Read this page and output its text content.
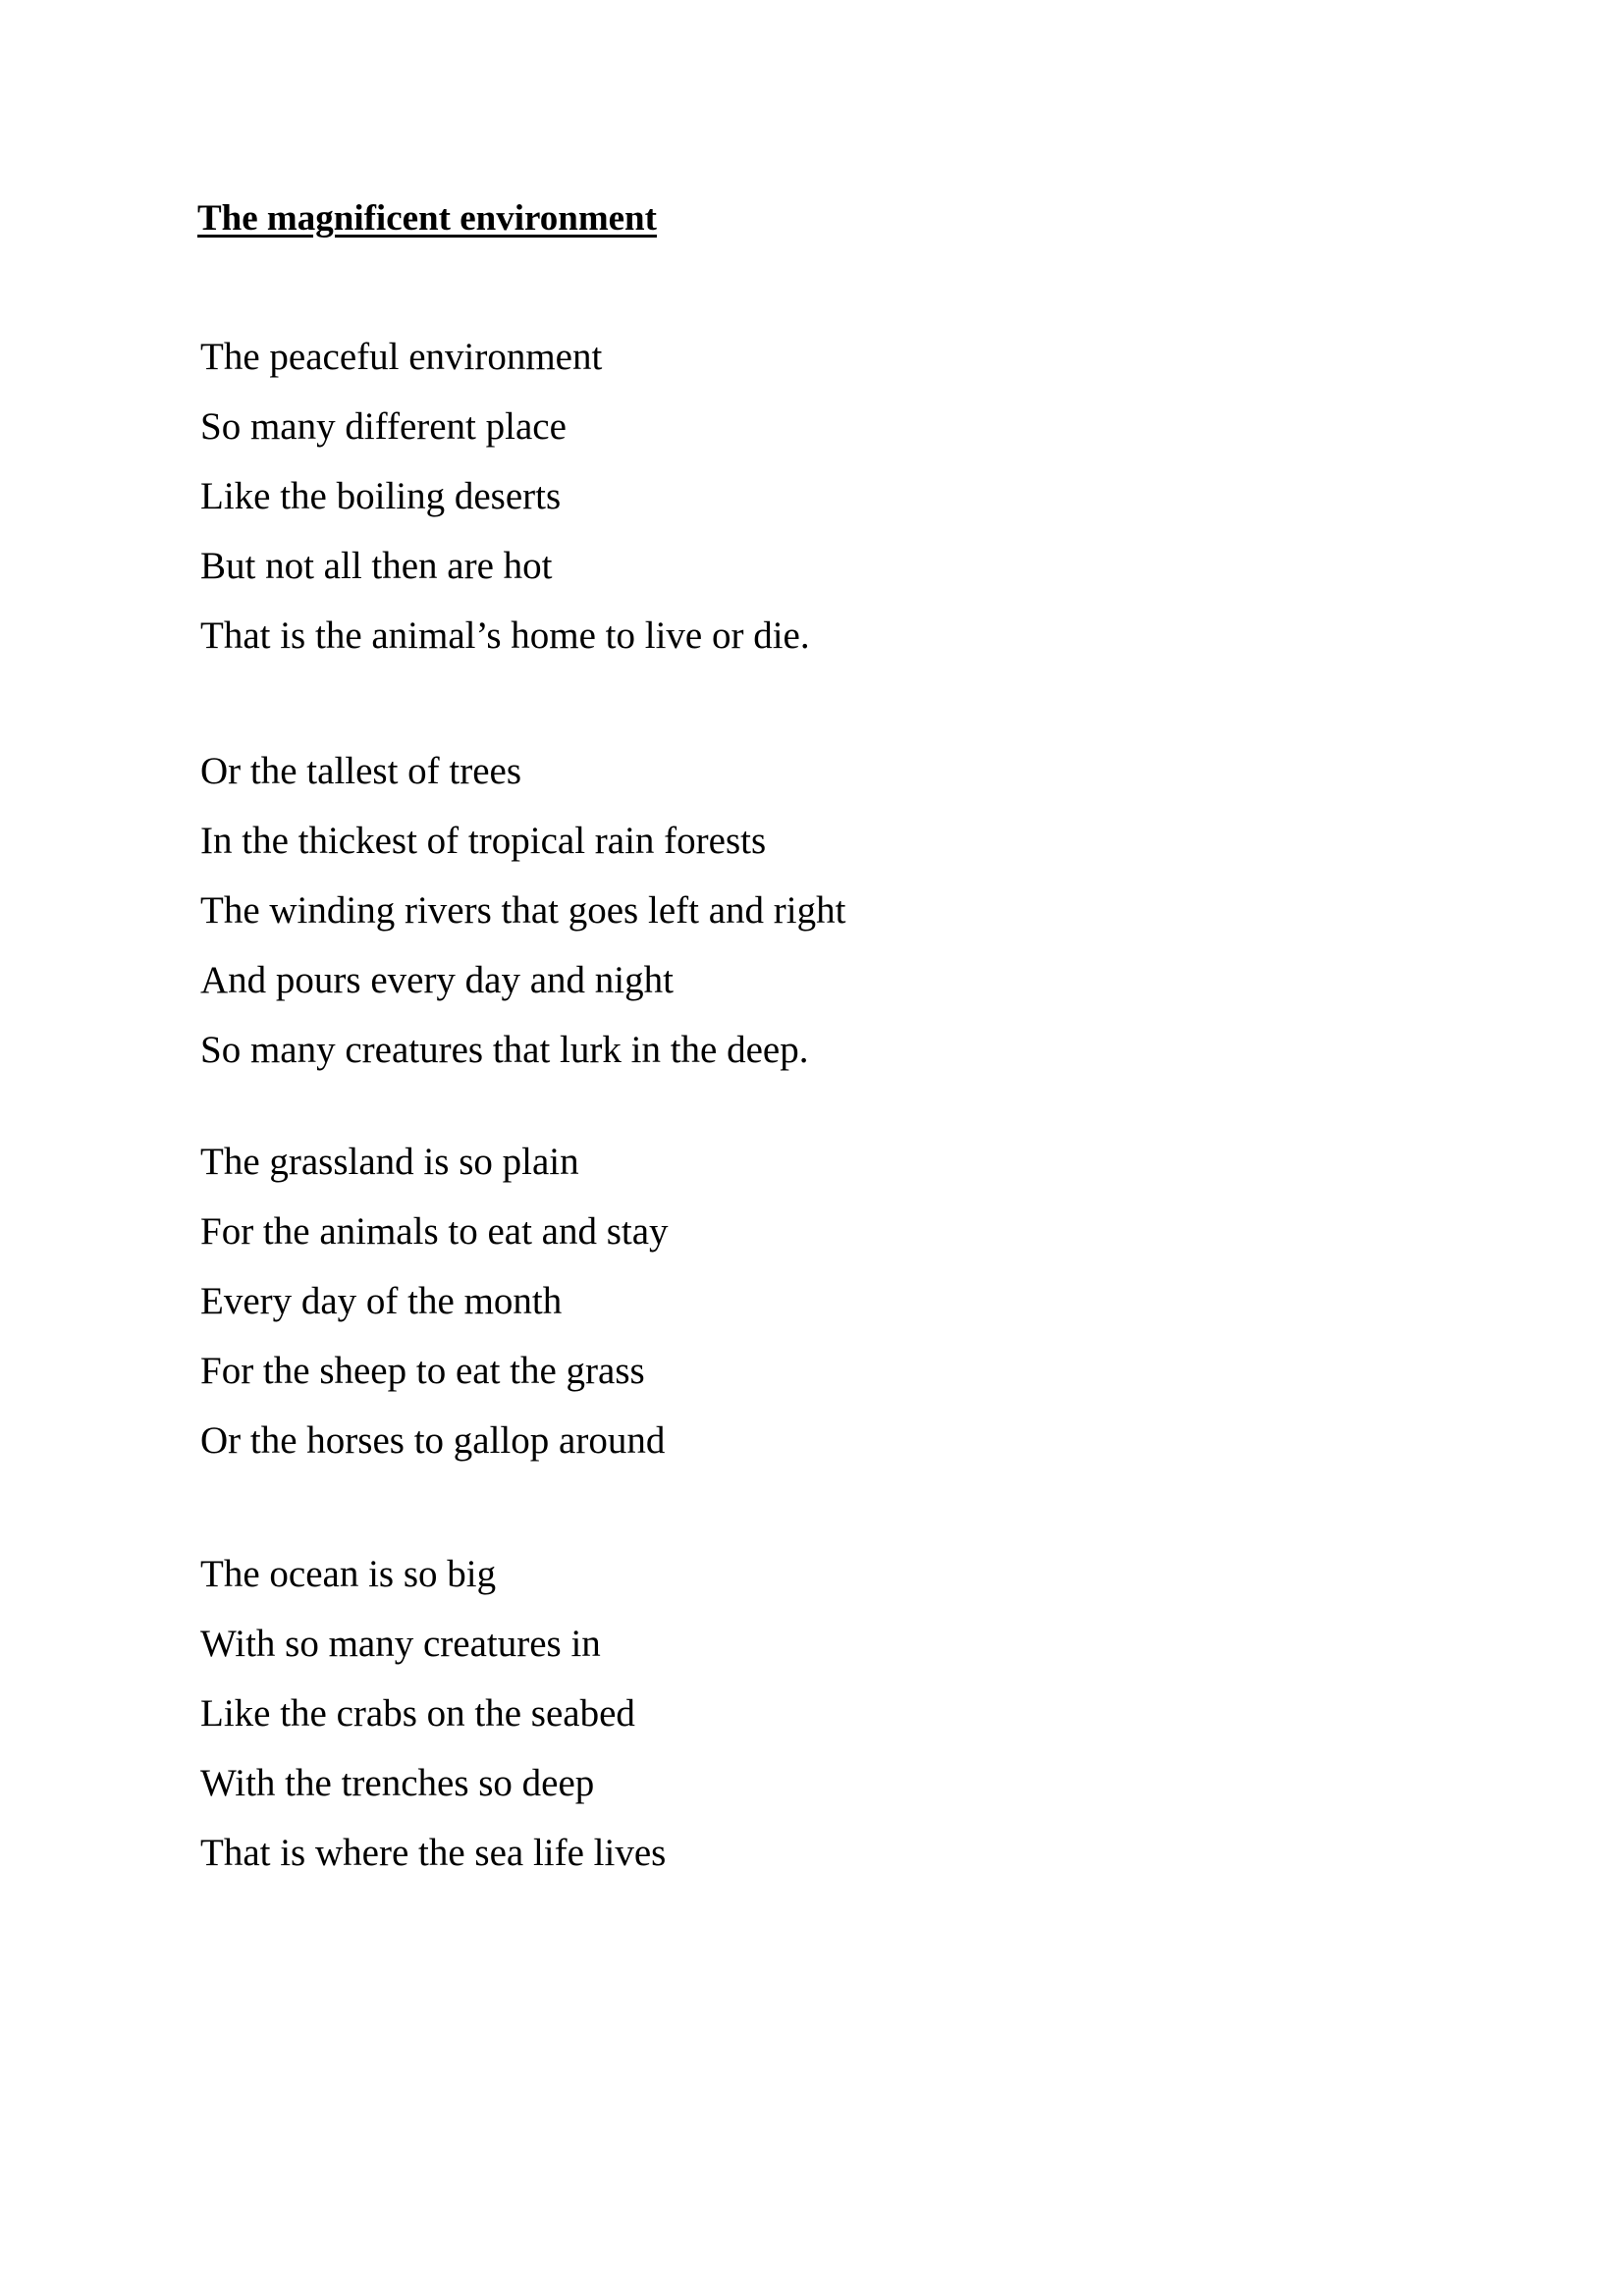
The magnificent environment

The peaceful environment

So many different place

Like the boiling deserts

But not all then are hot

That is the animal’s home to live or die.

Or the tallest of trees

In the thickest of tropical rain forests

The winding rivers that goes left and right

And pours every day and night

So many creatures that lurk in the deep.

The grassland is so plain

For the animals to eat and stay

Every day of the month

For the sheep to eat the grass

Or the horses to gallop around

The ocean is so big

With so many creatures in

Like the crabs on the seabed

With the trenches so deep

That is where the sea life lives
